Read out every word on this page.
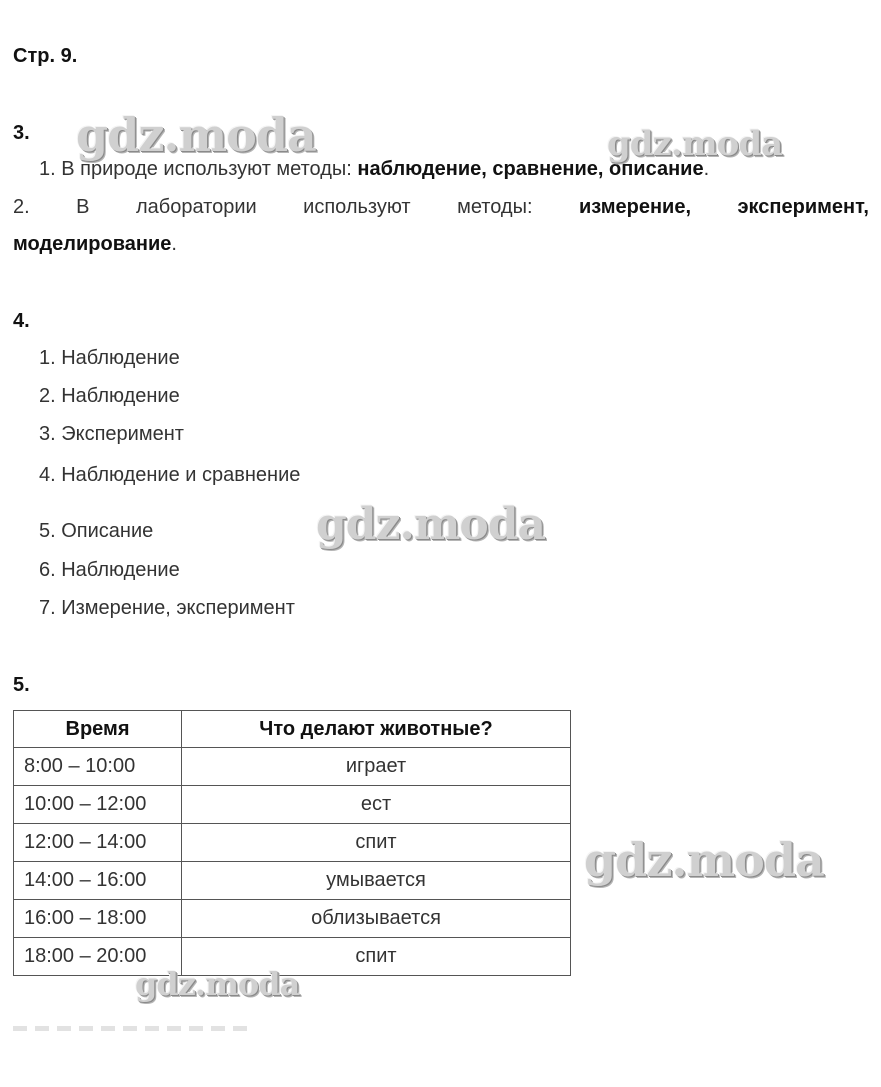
Стр. 9.
3.
1. В природе используют методы: наблюдение, сравнение, описание.
2. В лаборатории используют методы: измерение, эксперимент,
моделирование.
4.
1. Наблюдение
2. Наблюдение
3. Эксперимент
4. Наблюдение и сравнение
5. Описание
6. Наблюдение
7. Измерение, эксперимент
5.
Время	Что делают животные?
8:00 – 10:00	играет
10:00 – 12:00	ест
12:00 – 14:00	спит
14:00 – 16:00	умывается
16:00 – 18:00	облизывается
18:00 – 20:00	спит
gdz.moda	gdz.moda
gdz.moda
gdz.moda
gdz.moda
